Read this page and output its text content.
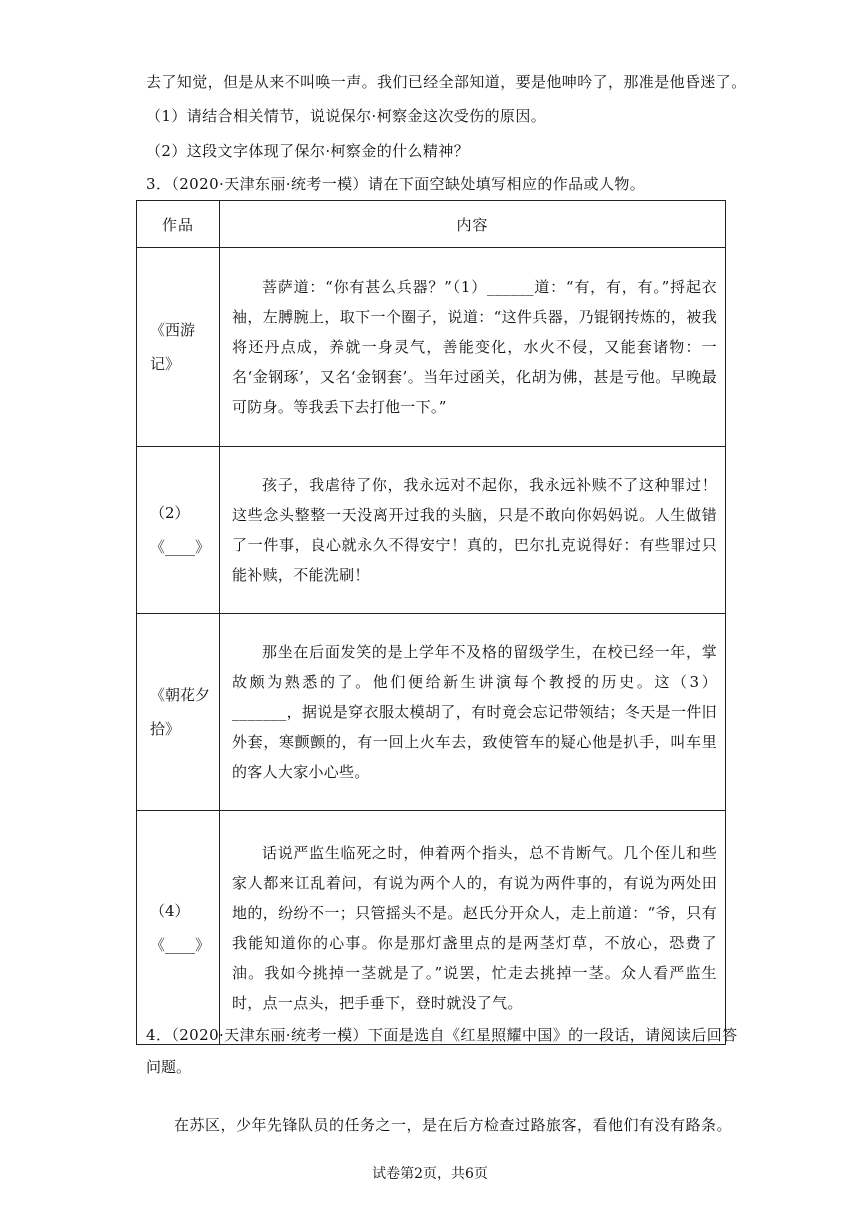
去了知觉，但是从来不叫唤一声。我们已经全部知道，要是他呻吟了，那准是他昏迷了。
（1）请结合相关情节，说说保尔·柯察金这次受伤的原因。
（2）这段文字体现了保尔·柯察金的什么精神？
3．（2020·天津东丽·统考一模）请在下面空缺处填写相应的作品或人物。
作品	内容
《西游记》	菩萨道：“你有甚么兵器？”（1）______道：“有，有，有。”捋起衣袖，左膊腕上，取下一个圈子，说道：“这件兵器，乃锟钢抟炼的，被我将还丹点成，养就一身灵气，善能变化，水火不侵，又能套诸物：一名‘金钢琢’，又名‘金钢套’。当年过函关，化胡为佛，甚是亏他。早晚最可防身。等我丢下去打他一下。”
（2）《____》	孩子，我虐待了你，我永远对不起你，我永远补赎不了这种罪过！这些念头整整一天没离开过我的头脑，只是不敢向你妈妈说。人生做错了一件事，良心就永久不得安宁！真的，巴尔扎克说得好：有些罪过只能补赎，不能洗刷！
《朝花夕拾》	那坐在后面发笑的是上学年不及格的留级学生，在校已经一年，掌故颇为熟悉的了。他们便给新生讲演每个教授的历史。这（3）_______，据说是穿衣服太模胡了，有时竟会忘记带领结；冬天是一件旧外套，寒颤颤的，有一回上火车去，致使管车的疑心他是扒手，叫车里的客人大家小心些。
（4）《____》	话说严监生临死之时，伸着两个指头，总不肯断气。几个侄儿和些家人都来讧乱着问，有说为两个人的，有说为两件事的，有说为两处田地的，纷纷不一；只管摇头不是。赵氏分开众人，走上前道：“爷，只有我能知道你的心事。你是那灯盏里点的是两茎灯草，不放心，恐费了油。我如今挑掉一茎就是了。”说罢，忙走去挑掉一茎。众人看严监生时，点一点头，把手垂下，登时就没了气。
4．（2020·天津东丽·统考一模）下面是选自《红星照耀中国》的一段话，请阅读后回答
问题。
在苏区，少年先锋队员的任务之一，是在后方检查过路旅客，看他们有没有路条。
试卷第2页，共6页
